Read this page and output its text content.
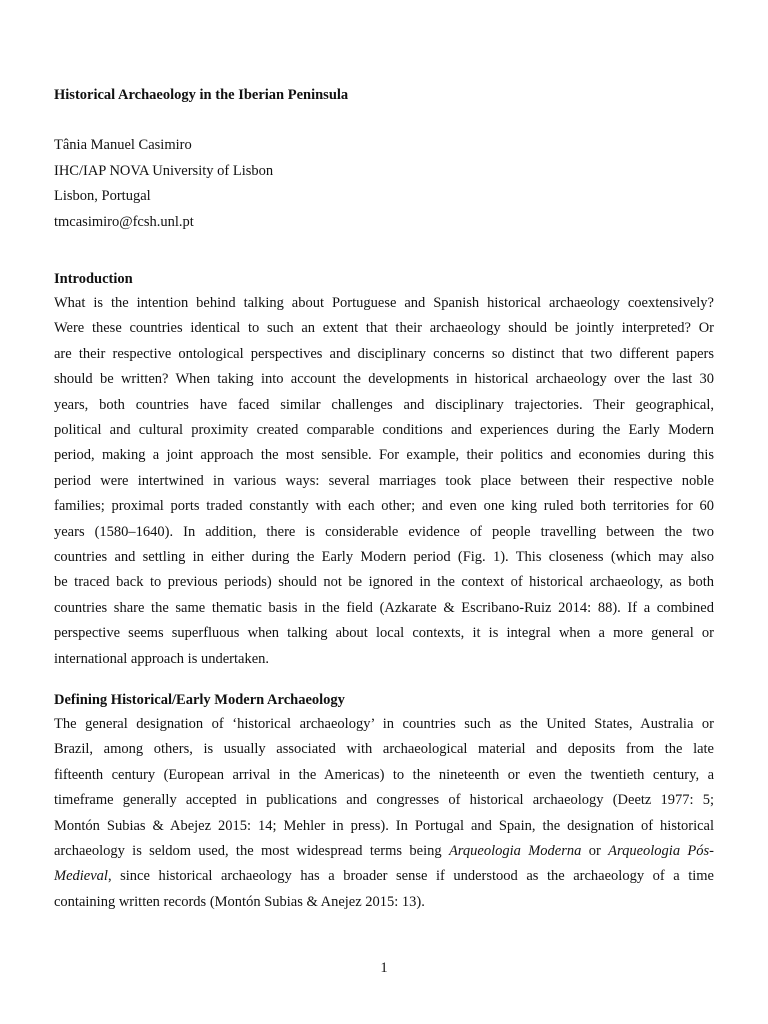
Historical Archaeology in the Iberian Peninsula
Tânia Manuel Casimiro
IHC/IAP NOVA University of Lisbon
Lisbon, Portugal
tmcasimiro@fcsh.unl.pt
Introduction
What is the intention behind talking about Portuguese and Spanish historical archaeology coextensively?
Were these countries identical to such an extent that their archaeology should be jointly interpreted? Or
are their respective ontological perspectives and disciplinary concerns so distinct that two different papers
should be written? When taking into account the developments in historical archaeology over the last 30
years, both countries have faced similar challenges and disciplinary trajectories. Their geographical,
political and cultural proximity created comparable conditions and experiences during the Early Modern
period, making a joint approach the most sensible. For example, their politics and economies during this
period were intertwined in various ways: several marriages took place between their respective noble
families; proximal ports traded constantly with each other; and even one king ruled both territories for 60
years (1580–1640). In addition, there is considerable evidence of people travelling between the two
countries and settling in either during the Early Modern period (Fig. 1). This closeness (which may also
be traced back to previous periods) should not be ignored in the context of historical archaeology, as both
countries share the same thematic basis in the field (Azkarate & Escribano-Ruiz 2014: 88). If a combined
perspective seems superfluous when talking about local contexts, it is integral when a more general or
international approach is undertaken.
Defining Historical/Early Modern Archaeology
The general designation of ‘historical archaeology’ in countries such as the United States, Australia or
Brazil, among others, is usually associated with archaeological material and deposits from the late
fifteenth century (European arrival in the Americas) to the nineteenth or even the twentieth century, a
timeframe generally accepted in publications and congresses of historical archaeology (Deetz 1977: 5;
Montón Subias & Abejez 2015: 14; Mehler in press). In Portugal and Spain, the designation of historical
archaeology is seldom used, the most widespread terms being Arqueologia Moderna or Arqueologia Pós-
Medieval, since historical archaeology has a broader sense if understood as the archaeology of a time
containing written records (Montón Subias & Anejez 2015: 13).
1
